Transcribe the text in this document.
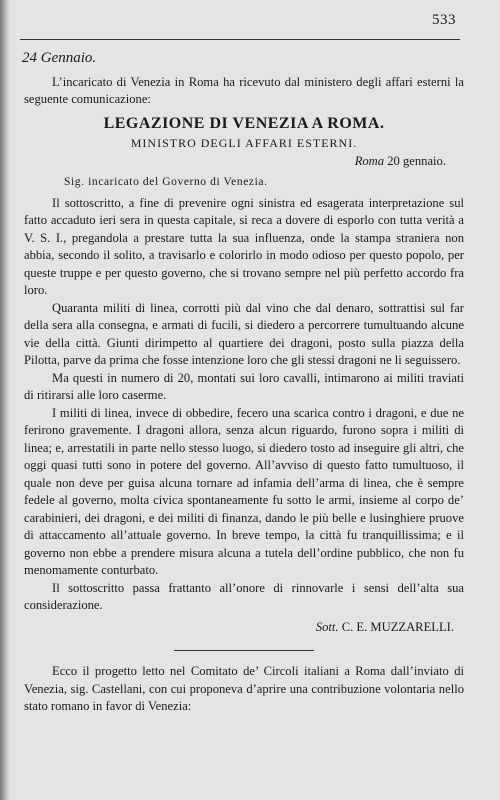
533
24 Gennaio.

L’incaricato di Venezia in Roma ha ricevuto dal ministero degli affari esterni la seguente comunicazione:

LEGAZIONE DI VENEZIA A ROMA.

MINISTRO DEGLI AFFARI ESTERNI.

Roma 20 gennaio.

Sig. incaricato del Governo di Venezia.

Il sottoscritto, a fine di prevenire ogni sinistra ed esagerata interpretazione sul fatto accaduto ieri sera in questa capitale, si reca a dovere di esporlo con tutta verità a V. S. I., pregandola a prestare tutta la sua influenza, onde la stampa straniera non abbia, secondo il solito, a travisarlo e colorirlo in modo odioso per questo popolo, per queste truppe e per questo governo, che si trovano sempre nel più perfetto accordo fra loro.

Quaranta militi di linea, corrotti più dal vino che dal denaro, sottrattisi sul far della sera alla consegna, e armati di fucili, si diedero a percorrere tumultuando alcune vie della città. Giunti dirimpetto al quartiere dei dragoni, posto sulla piazza della Pilotta, parve da prima che fosse intenzione loro che gli stessi dragoni ne li seguissero.

Ma questi in numero di 20, montati sui loro cavalli, intimarono ai militi traviati di ritirarsi alle loro caserme.

I militi di linea, invece di obbedire, fecero una scarica contro i dragoni, e due ne ferirono gravemente. I dragoni allora, senza alcun riguardo, furono sopra i militi di linea; e, arrestatili in parte nello stesso luogo, si diedero tosto ad inseguire gli altri, che oggi quasi tutti sono in potere del governo. All’avviso di questo fatto tumultuoso, il quale non deve per guisa alcuna tornare ad infamia dell’arma di linea, che è sempre fedele al governo, molta civica spontaneamente fu sotto le armi, insieme al corpo de’ carabinieri, dei dragoni, e dei militi di finanza, dando le più belle e lusinghiere pruove di attaccamento all’attuale governo. In breve tempo, la città fu tranquillissima; e il governo non ebbe a prendere misura alcuna a tutela dell’ordine pubblico, che non fu menomamente conturbato.

Il sottoscritto passa frattanto all’onore di rinnovarle i sensi dell’alta sua considerazione.

Sott. C. E. MUZZARELLI.

Ecco il progetto letto nel Comitato de’ Circoli italiani a Roma dall’inviato di Venezia, sig. Castellani, con cui proponeva d’aprire una contribuzione volontaria nello stato romano in favor di Venezia:
